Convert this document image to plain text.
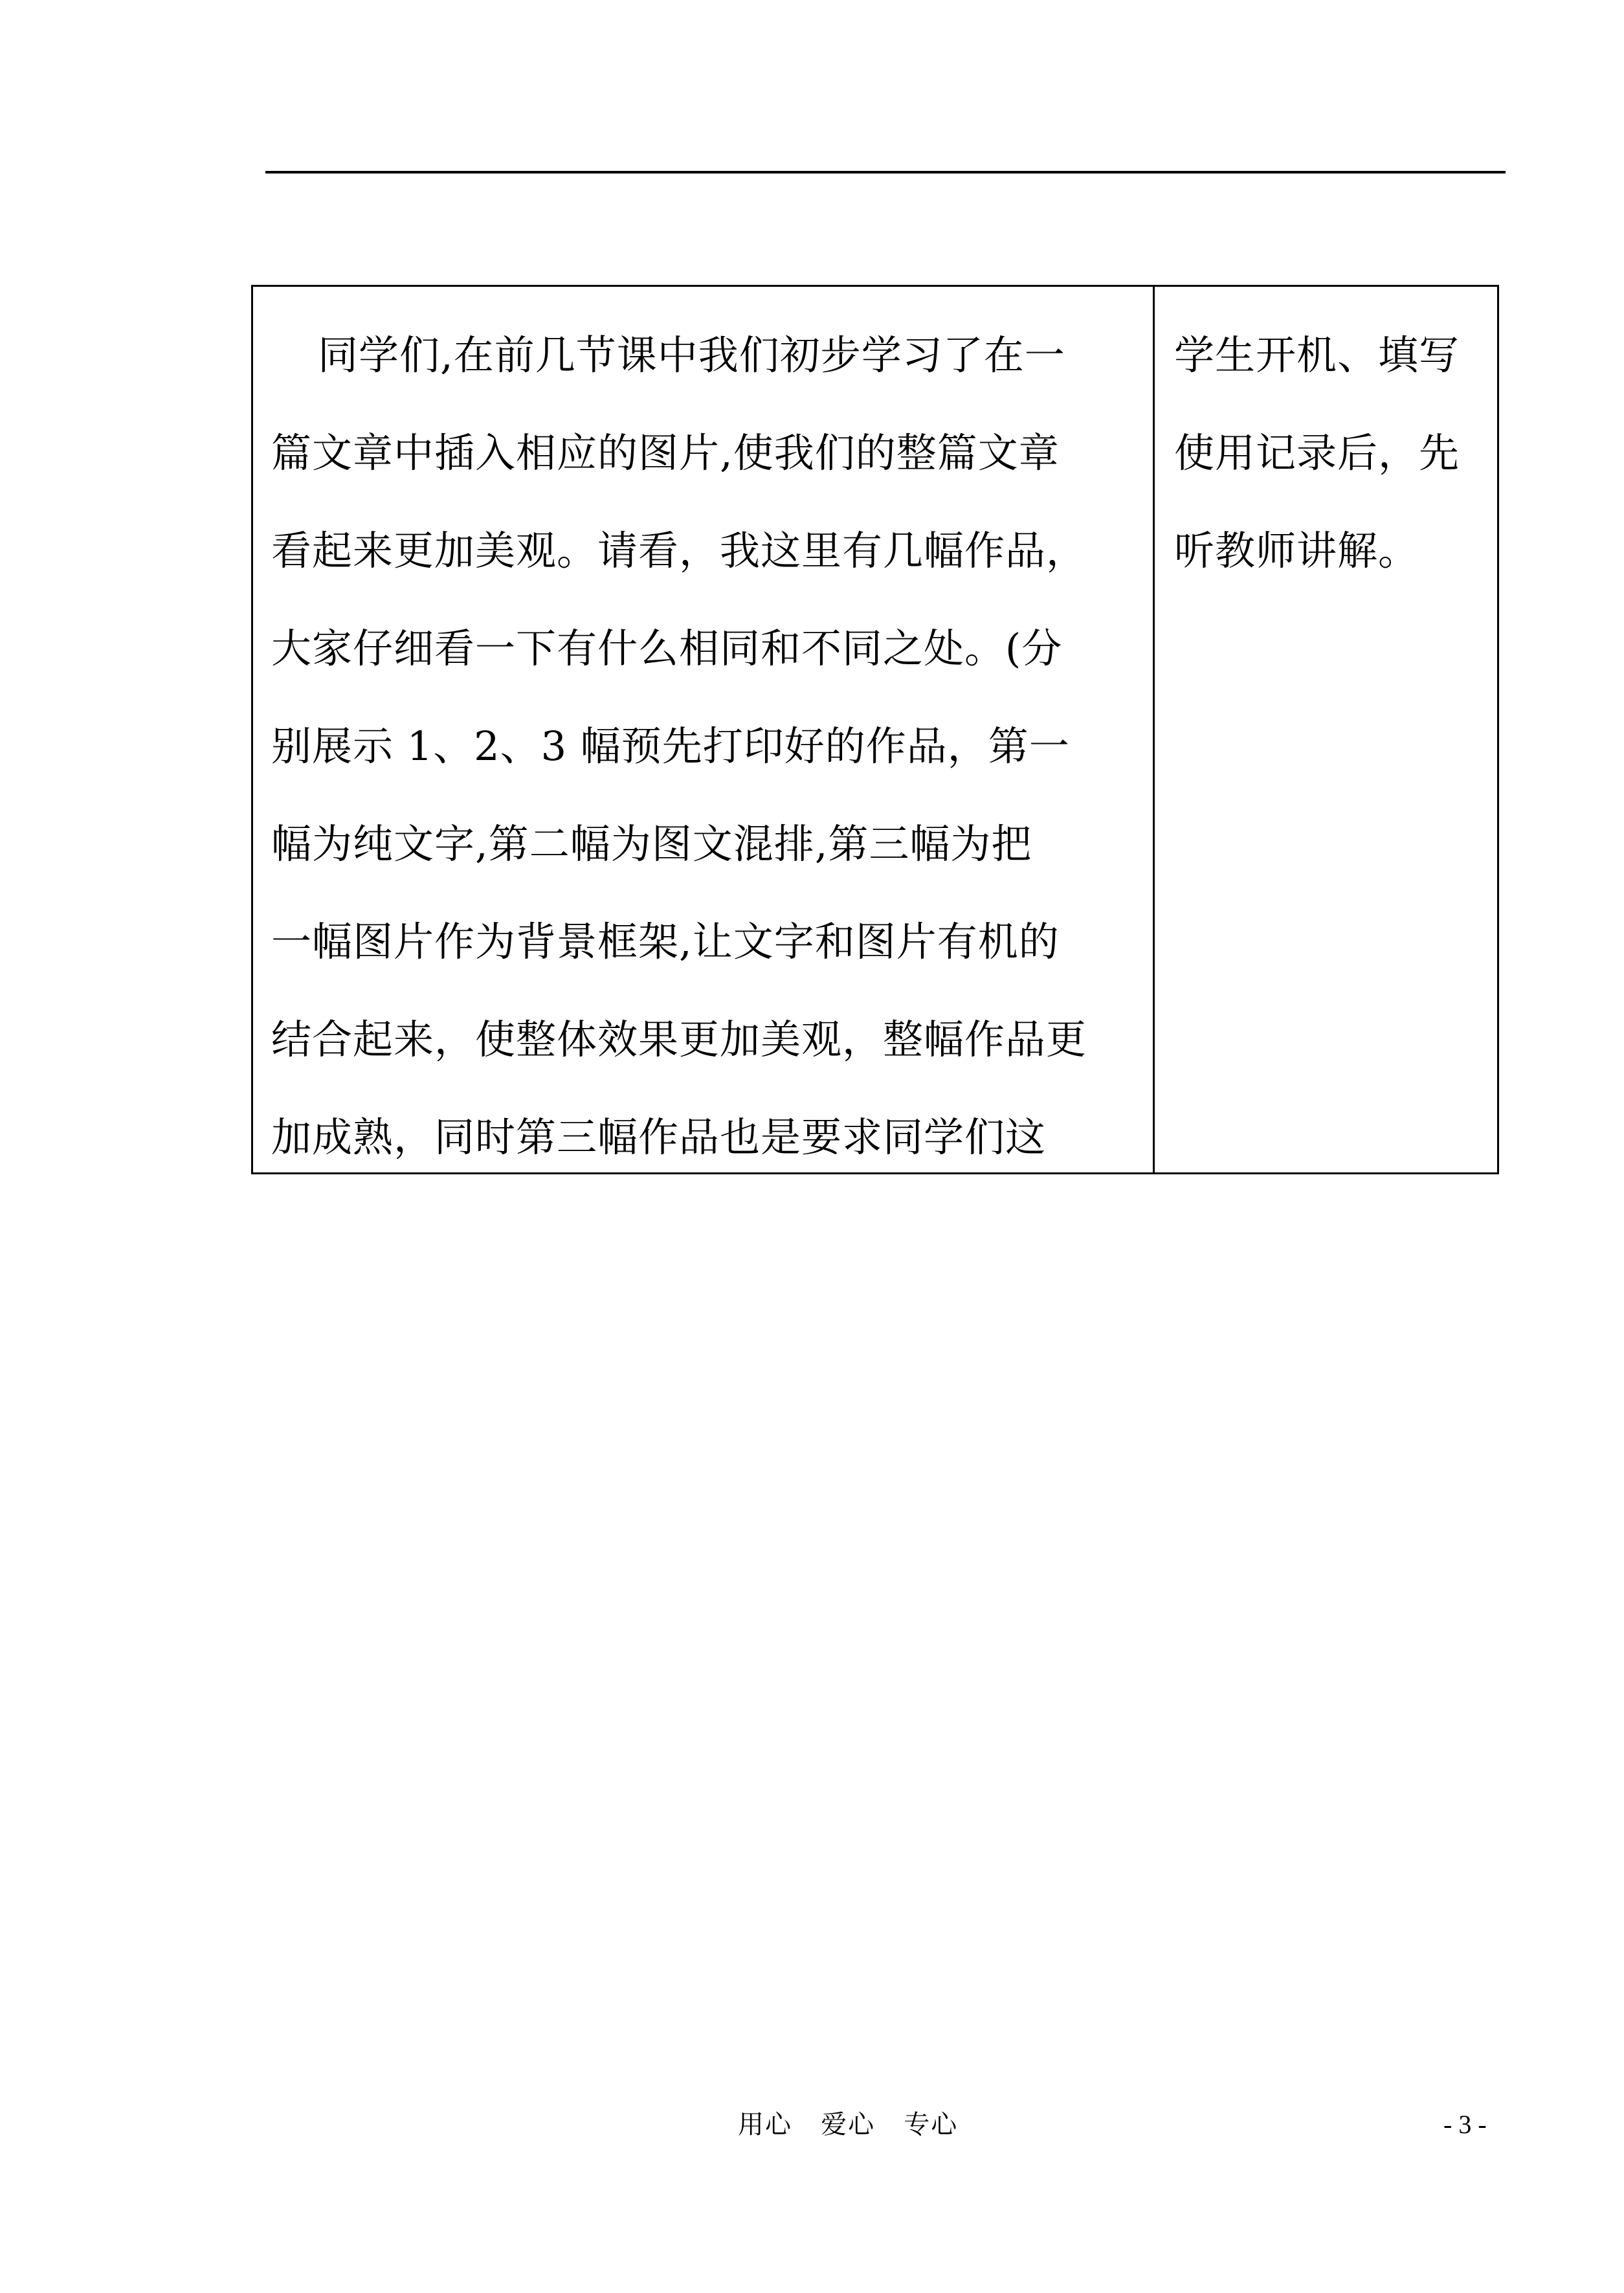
同学们,在前几节课中我们初步学习了在一
篇文章中插入相应的图片,使我们的整篇文章
看起来更加美观。请看，我这里有几幅作品，
大家仔细看一下有什么相同和不同之处。(分
别展示 1、2、3 幅预先打印好的作品，第一
幅为纯文字,第二幅为图文混排,第三幅为把
一幅图片作为背景框架,让文字和图片有机的
结合起来，使整体效果更加美观，整幅作品更
加成熟，同时第三幅作品也是要求同学们这
学生开机、填写
使用记录后，先
听教师讲解。
用心   爱心   专心	- 3 -
